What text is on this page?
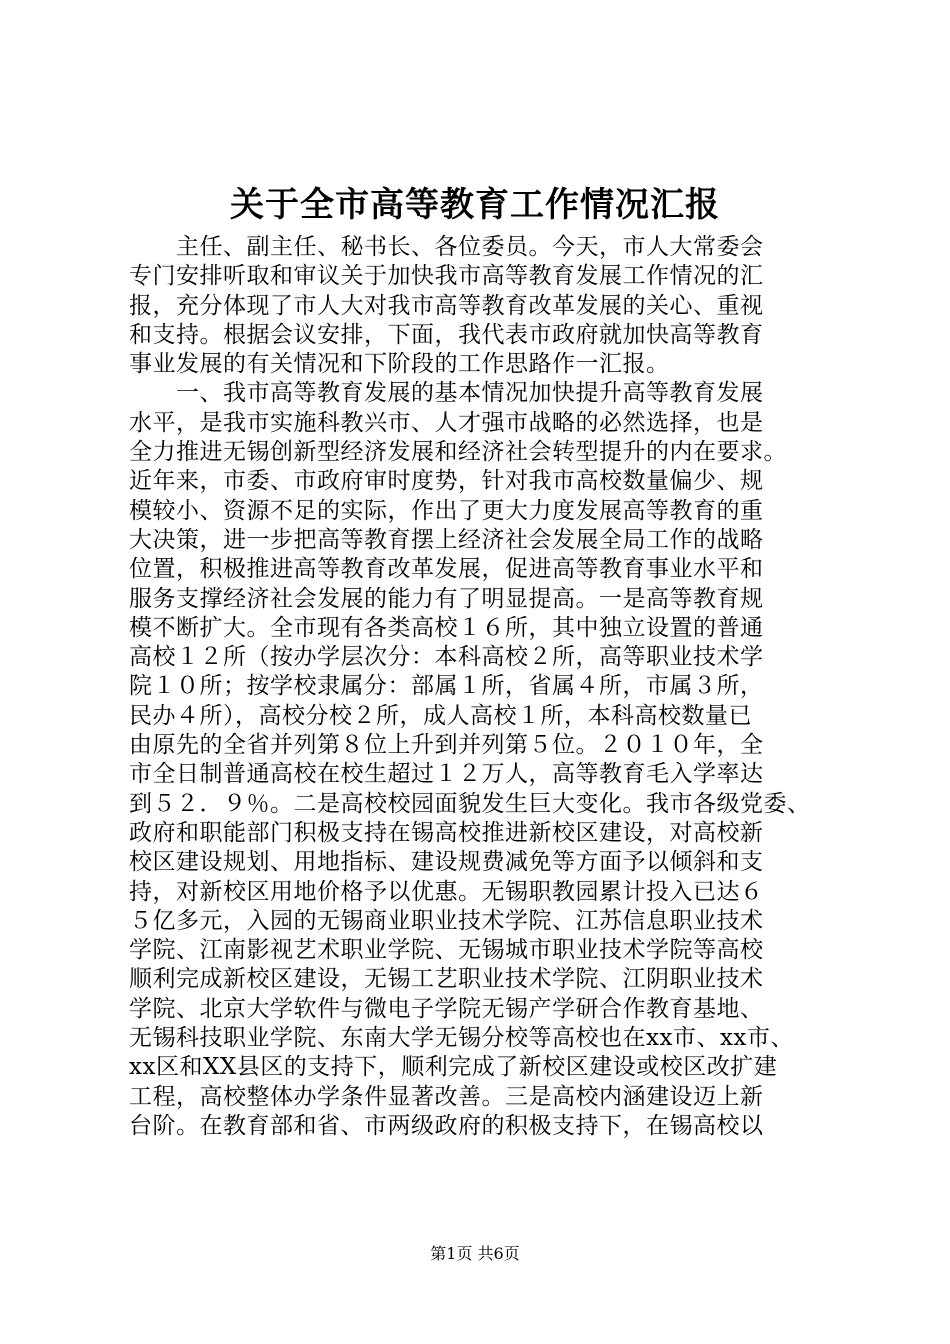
关于全市高等教育工作情况汇报
　　主任、副主任、秘书长、各位委员。今天，市人大常委会
专门安排听取和审议关于加快我市高等教育发展工作情况的汇
报，充分体现了市人大对我市高等教育改革发展的关心、重视
和支持。根据会议安排，下面，我代表市政府就加快高等教育
事业发展的有关情况和下阶段的工作思路作一汇报。
　　一、我市高等教育发展的基本情况加快提升高等教育发展
水平，是我市实施科教兴市、人才强市战略的必然选择，也是
全力推进无锡创新型经济发展和经济社会转型提升的内在要求。
近年来，市委、市政府审时度势，针对我市高校数量偏少、规
模较小、资源不足的实际，作出了更大力度发展高等教育的重
大决策，进一步把高等教育摆上经济社会发展全局工作的战略
位置，积极推进高等教育改革发展，促进高等教育事业水平和
服务支撑经济社会发展的能力有了明显提高。一是高等教育规
模不断扩大。全市现有各类高校１６所，其中独立设置的普通
高校１２所（按办学层次分：本科高校２所，高等职业技术学
院１０所；按学校隶属分：部属１所，省属４所，市属３所，
民办４所），高校分校２所，成人高校１所，本科高校数量已
由原先的全省并列第８位上升到并列第５位。２０１０年，全
市全日制普通高校在校生超过１２万人，高等教育毛入学率达
到５２．９％。二是高校校园面貌发生巨大变化。我市各级党委、
政府和职能部门积极支持在锡高校推进新校区建设，对高校新
校区建设规划、用地指标、建设规费减免等方面予以倾斜和支
持，对新校区用地价格予以优惠。无锡职教园累计投入已达６
５亿多元，入园的无锡商业职业技术学院、江苏信息职业技术
学院、江南影视艺术职业学院、无锡城市职业技术学院等高校
顺利完成新校区建设，无锡工艺职业技术学院、江阴职业技术
学院、北京大学软件与微电子学院无锡产学研合作教育基地、
无锡科技职业学院、东南大学无锡分校等高校也在xx市、xx市、
xx区和XX县区的支持下，顺利完成了新校区建设或校区改扩建
工程，高校整体办学条件显著改善。三是高校内涵建设迈上新
台阶。在教育部和省、市两级政府的积极支持下，在锡高校以
第1页 共6页
